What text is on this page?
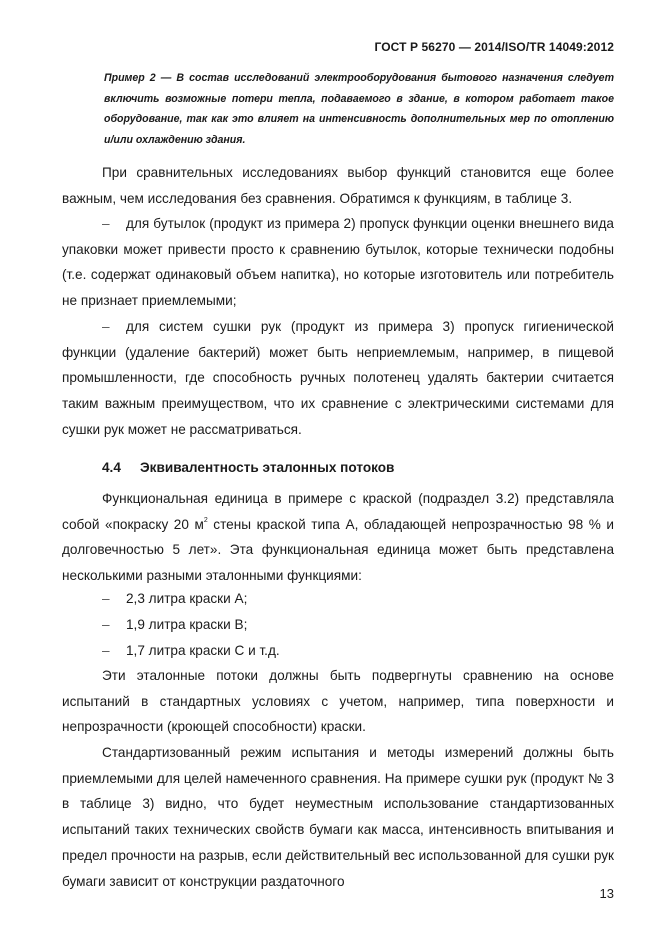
ГОСТ Р 56270 — 2014/ISO/TR 14049:2012

Пример 2 — В состав исследований электрооборудования бытового назначения следует включить возможные потери тепла, подаваемого в здание, в котором работает такое оборудование, так как это влияет на интенсивность дополнительных мер по отоплению и/или охлаждению здания.

При сравнительных исследованиях выбор функций становится еще более важным, чем исследования без сравнения. Обратимся к функциям, в таблице 3.

– для бутылок (продукт из примера 2) пропуск функции оценки внешнего вида упаковки может привести просто к сравнению бутылок, которые технически подобны (т.е. содержат одинаковый объем напитка), но которые изготовитель или потребитель не признает приемлемыми;

– для систем сушки рук (продукт из примера 3) пропуск гигиенической функции (удаление бактерий) может быть неприемлемым, например, в пищевой промышленности, где способность ручных полотенец удалять бактерии считается таким важным преимуществом, что их сравнение с электрическими системами для сушки рук может не рассматриваться.

4.4 Эквивалентность эталонных потоков

Функциональная единица в примере с краской (подраздел 3.2) представляла собой «покраску 20 $м^2$ стены краской типа А, обладающей непрозрачностью 98 % и долговечностью 5 лет». Эта функциональная единица может быть представлена несколькими разными эталонными функциями:

– 2,3 литра краски А;
– 1,9 литра краски В;
– 1,7 литра краски С и т.д.

Эти эталонные потоки должны быть подвергнуты сравнению на основе испытаний в стандартных условиях с учетом, например, типа поверхности и непрозрачности (кроющей способности) краски.

Стандартизованный режим испытания и методы измерений должны быть приемлемыми для целей намеченного сравнения. На примере сушки рук (продукт № 3 в таблице 3) видно, что будет неуместным использование стандартизованных испытаний таких технических свойств бумаги как масса, интенсивность впитывания и предел прочности на разрыв, если действительный вес использованной для сушки рук бумаги зависит от конструкции раздаточного

13
